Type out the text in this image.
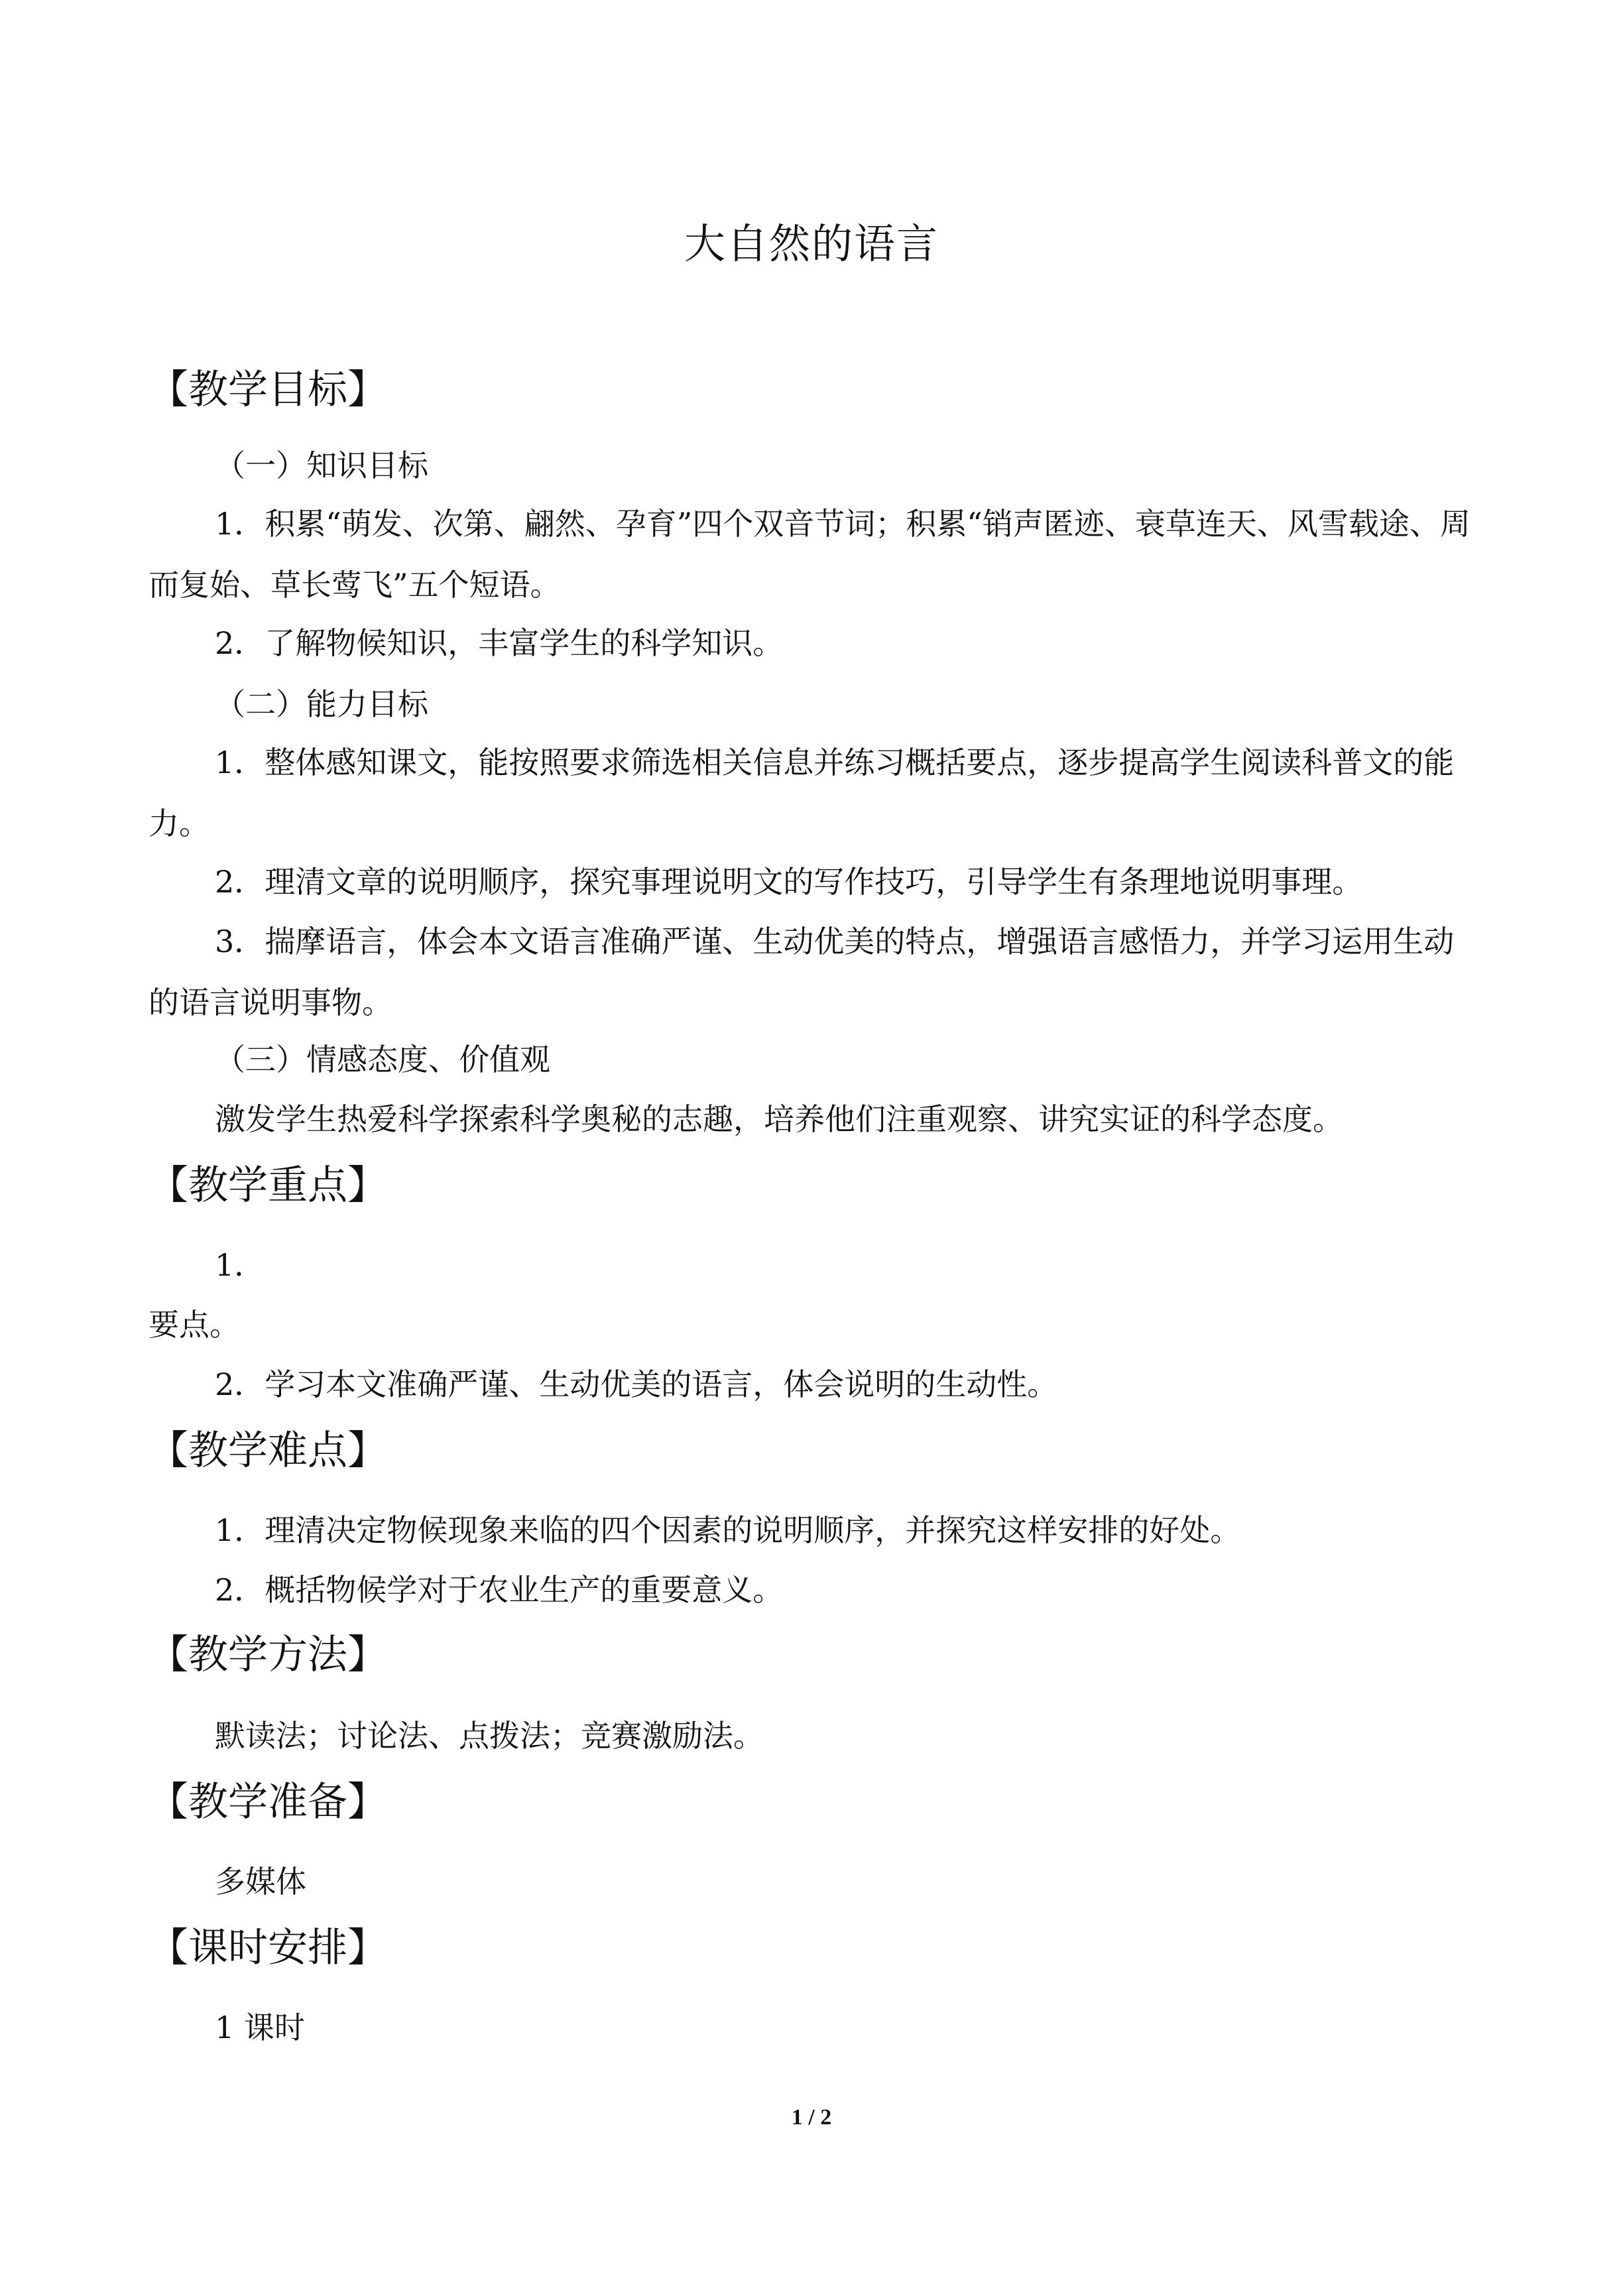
大自然的语言
【教学目标】
（一）知识目标
1．积累“萌发、次第、翩然、孕育”四个双音节词；积累“销声匿迹、衰草连天、风雪载途、周而复始、草长莺飞”五个短语。
2．了解物候知识，丰富学生的科学知识。
（二）能力目标
1．整体感知课文，能按照要求筛选相关信息并练习概括要点，逐步提高学生阅读科普文的能力。
2．理清文章的说明顺序，探究事理说明文的写作技巧，引导学生有条理地说明事理。
3．揣摩语言，体会本文语言准确严谨、生动优美的特点，增强语言感悟力，并学习运用生动的语言说明事物。
（三）情感态度、价值观
激发学生热爱科学探索科学奥秘的志趣，培养他们注重观察、讲究实证的科学态度。
【教学重点】
1．
要点。
2．学习本文准确严谨、生动优美的语言，体会说明的生动性。
【教学难点】
1．理清决定物候现象来临的四个因素的说明顺序，并探究这样安排的好处。
2．概括物候学对于农业生产的重要意义。
【教学方法】
默读法；讨论法、点拨法；竞赛激励法。
【教学准备】
多媒体
【课时安排】
1 课时
1 / 2
